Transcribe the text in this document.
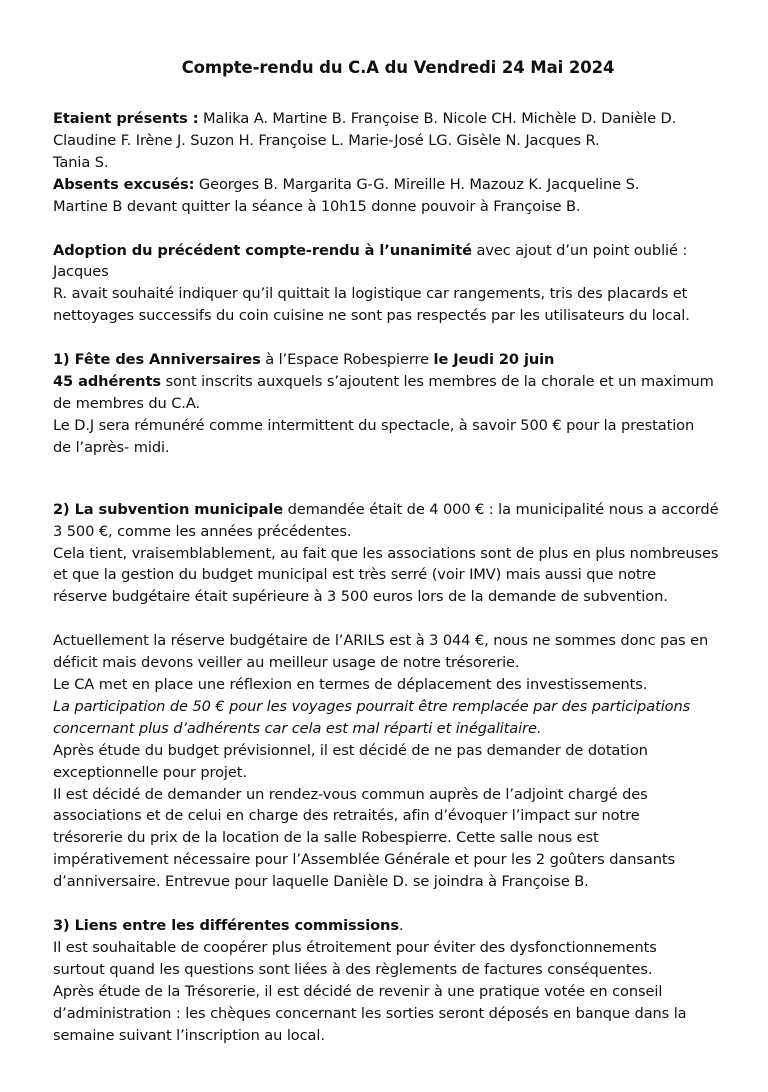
Compte-rendu du C.A du Vendredi 24 Mai 2024

Etaient présents : Malika A. Martine B. Françoise B. Nicole CH. Michèle D. Danièle D.

Claudine F. Irène J. Suzon H. Françoise L. Marie-José LG. Gisèle N. Jacques R.

Tania S.

Absents excusés: Georges B. Margarita G-G. Mireille H. Mazouz K. Jacqueline S.

Martine B devant quitter la séance à 10h15 donne pouvoir à Françoise B.

Adoption du précédent compte-rendu à l’unanimité avec ajout d’un point oublié : Jacques

R. avait souhaité indiquer qu’il quittait la logistique car rangements, tris des placards et

nettoyages successifs du coin cuisine ne sont pas respectés par les utilisateurs du local.

1) Fête des Anniversaires à l’Espace Robespierre le Jeudi 20 juin

45 adhérents sont inscrits auxquels s’ajoutent les membres de la chorale et un maximum

de membres du C.A.

Le D.J sera rémunéré comme intermittent du spectacle, à savoir 500 € pour la prestation

de l’après- midi.

2) La subvention municipale demandée était de 4 000 € : la municipalité nous a accordé

3 500 €, comme les années précédentes.

Cela tient, vraisemblablement, au fait que les associations sont de plus en plus nombreuses

et que la gestion du budget municipal est très serré (voir IMV) mais aussi que notre

réserve budgétaire était supérieure à 3 500 euros lors de la demande de subvention.

Actuellement la réserve budgétaire de l’ARILS est à 3 044 €, nous ne sommes donc pas en

déficit mais devons veiller au meilleur usage de notre trésorerie.

Le CA met en place une réflexion en termes de déplacement des investissements.

La participation de 50 € pour les voyages pourrait être remplacée par des participations

concernant plus d’adhérents car cela est mal réparti et inégalitaire.

Après étude du budget prévisionnel, il est décidé de ne pas demander de dotation

exceptionnelle pour projet.

Il est décidé de demander un rendez-vous commun auprès de l’adjoint chargé des

associations et de celui en charge des retraités, afin d’évoquer l’impact sur notre

trésorerie du prix de la location de la salle Robespierre. Cette salle nous est

impérativement nécessaire pour l’Assemblée Générale et pour les 2 goûters dansants

d’anniversaire. Entrevue pour laquelle Danièle D. se joindra à Françoise B.

3) Liens entre les différentes commissions.

Il est souhaitable de coopérer plus étroitement pour éviter des dysfonctionnements

surtout quand les questions sont liées à des règlements de factures conséquentes.

Après étude de la Trésorerie, il est décidé de revenir à une pratique votée en conseil

d’administration : les chèques concernant les sorties seront déposés en banque dans la

semaine suivant l’inscription au local.
